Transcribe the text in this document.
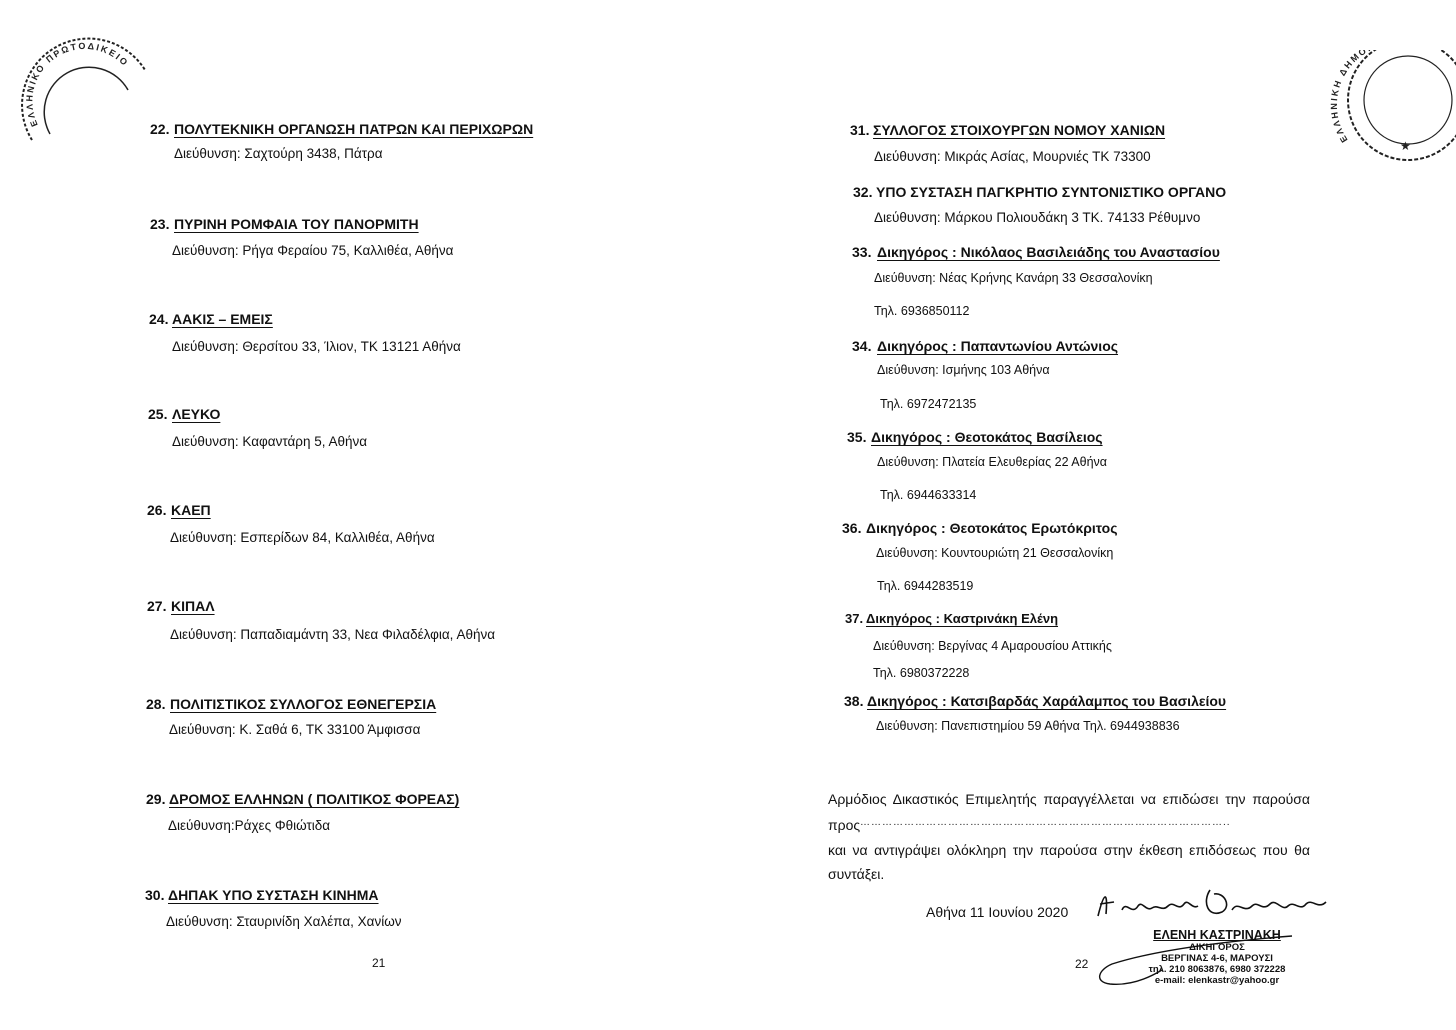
ΕΛΛΗΝΙΚΟ ΠΡΩΤΟΔΙΚΕΙΟ
ΕΛΛΗΝΙΚΗ ΔΗΜΟ
★
22. ΠΟΛΥΤΕΚΝΙΚΗ ΟΡΓΑΝΩΣΗ ΠΑΤΡΩΝ ΚΑΙ ΠΕΡΙΧΩΡΩΝ
Διεύθυνση: Σαχτούρη 3438, Πάτρα
23. ΠΥΡΙΝΗ ΡΟΜΦΑΙΑ ΤΟΥ ΠΑΝΟΡΜΙΤΗ
Διεύθυνση: Ρήγα Φεραίου 75, Καλλιθέα, Αθήνα
24. ΑΑΚΙΣ – ΕΜΕΙΣ
Διεύθυνση: Θερσίτου 33, Ίλιον, ΤΚ 13121 Αθήνα
25. ΛΕΥΚΟ
Διεύθυνση: Καφαντάρη 5, Αθήνα
26. ΚΑΕΠ
Διεύθυνση: Εσπερίδων 84, Καλλιθέα, Αθήνα
27. ΚΙΠΑΛ
Διεύθυνση: Παπαδιαμάντη 33, Νεα Φιλαδέλφια, Αθήνα
28. ΠΟΛΙΤΙΣΤΙΚΟΣ ΣΥΛΛΟΓΟΣ ΕΘΝΕΓΕΡΣΙΑ
Διεύθυνση: Κ. Σαθά 6, ΤΚ 33100 Άμφισσα
29. ΔΡΟΜΟΣ ΕΛΛΗΝΩΝ ( ΠΟΛΙΤΙΚΟΣ ΦΟΡΕΑΣ)
Διεύθυνση:Ράχες Φθιώτιδα
30. ΔΗΠΑΚ ΥΠΟ ΣΥΣΤΑΣΗ ΚΙΝΗΜΑ
Διεύθυνση: Σταυρινίδη Χαλέπα, Χανίων
21
31. ΣΥΛΛΟΓΟΣ ΣΤΟΙΧΟΥΡΓΩΝ ΝΟΜΟΥ ΧΑΝΙΩΝ
Διεύθυνση: Μικράς Ασίας, Μουρνιές ΤΚ 73300
32. ΥΠΟ ΣΥΣΤΑΣΗ ΠΑΓΚΡΗΤΙΟ ΣΥΝΤΟΝΙΣΤΙΚΟ ΟΡΓΑΝΟ
Διεύθυνση: Μάρκου Πολιουδάκη 3 ΤΚ. 74133 Ρέθυμνο
33. Δικηγόρος : Νικόλαος Βασιλειάδης του Αναστασίου
Διεύθυνση: Νέας Κρήνης Κανάρη 33 Θεσσαλονίκη
Τηλ. 6936850112
34. Δικηγόρος : Παπαντωνίου Αντώνιος
Διεύθυνση: Ισμήνης 103 Αθήνα
Τηλ. 6972472135
35. Δικηγόρος : Θεοτοκάτος Βασίλειος
Διεύθυνση: Πλατεία Ελευθερίας 22 Αθήνα
Τηλ. 6944633314
36. Δικηγόρος : Θεοτοκάτος Ερωτόκριτος
Διεύθυνση: Κουντουριώτη 21 Θεσσαλονίκη
Τηλ. 6944283519
37. Δικηγόρος : Καστρινάκη Ελένη
Διεύθυνση: Βεργίνας 4 Αμαρουσίου Αττικής
Τηλ. 6980372228
38. Δικηγόρος : Κατσιβαρδάς Χαράλαμπος του Βασιλείου
Διεύθυνση: Πανεπιστημίου 59 Αθήνα Τηλ. 6944938836
Αρμόδιος Δικαστικός Επιμελητής παραγγέλλεται να επιδώσει την παρούσα
προς ………………………………………………………………………………………..
και να αντιγράψει ολόκληρη την παρούσα στην έκθεση επιδόσεως που θα
συντάξει.
Αθήνα 11 Ιουνίου 2020
ΕΛΕΝΗ ΚΑΣΤΡΙΝΑΚΗ
ΔΙΚΗΓΟΡΟΣ
ΒΕΡΓΙΝΑΣ 4-6, ΜΑΡΟΥΣΙ
τηλ. 210 8063876, 6980 372228
e-mail: elenkastr@yahoo.gr
22
